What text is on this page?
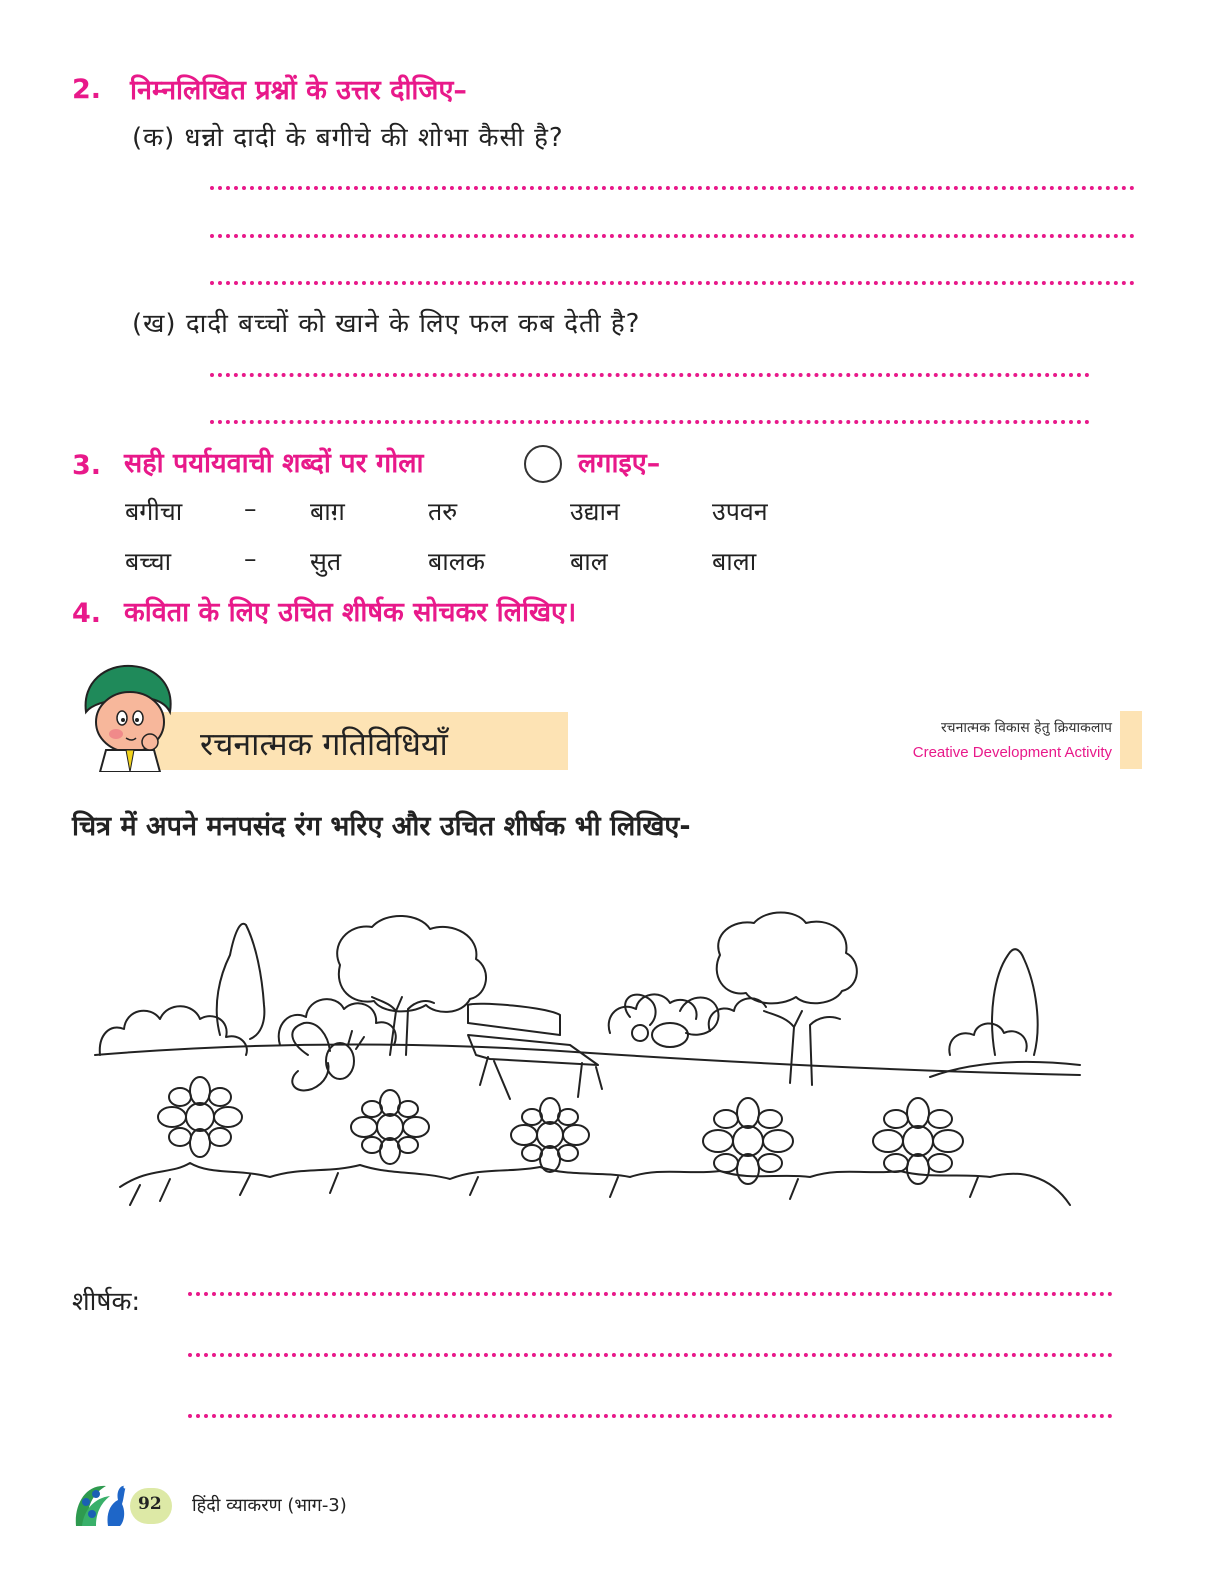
2. निम्नलिखित प्रश्नों के उत्तर दीजिए–
(क) धन्नो दादी के बगीचे की शोभा कैसी है?
(ख) दादी बच्चों को खाने के लिए फल कब देती है?
3. सही पर्यायवाची शब्दों पर गोला	लगाइए–
बगीचा – बाग़	तरु	उद्यान	उपवन
बच्चा	– सुत	बालक	बाल	बाला
4. कविता के लिए उचित शीर्षक सोचकर लिखिए।
रचनात्मक गतिविधियाँ	रचनात्मक विकास हेतु क्रियाकलाप
Creative Development Activity
चित्र में अपने मनपसंद रंग भरिए और उचित शीर्षक भी लिखिए-
शीर्षक:
92 हिंदी व्याकरण (भाग-3)
